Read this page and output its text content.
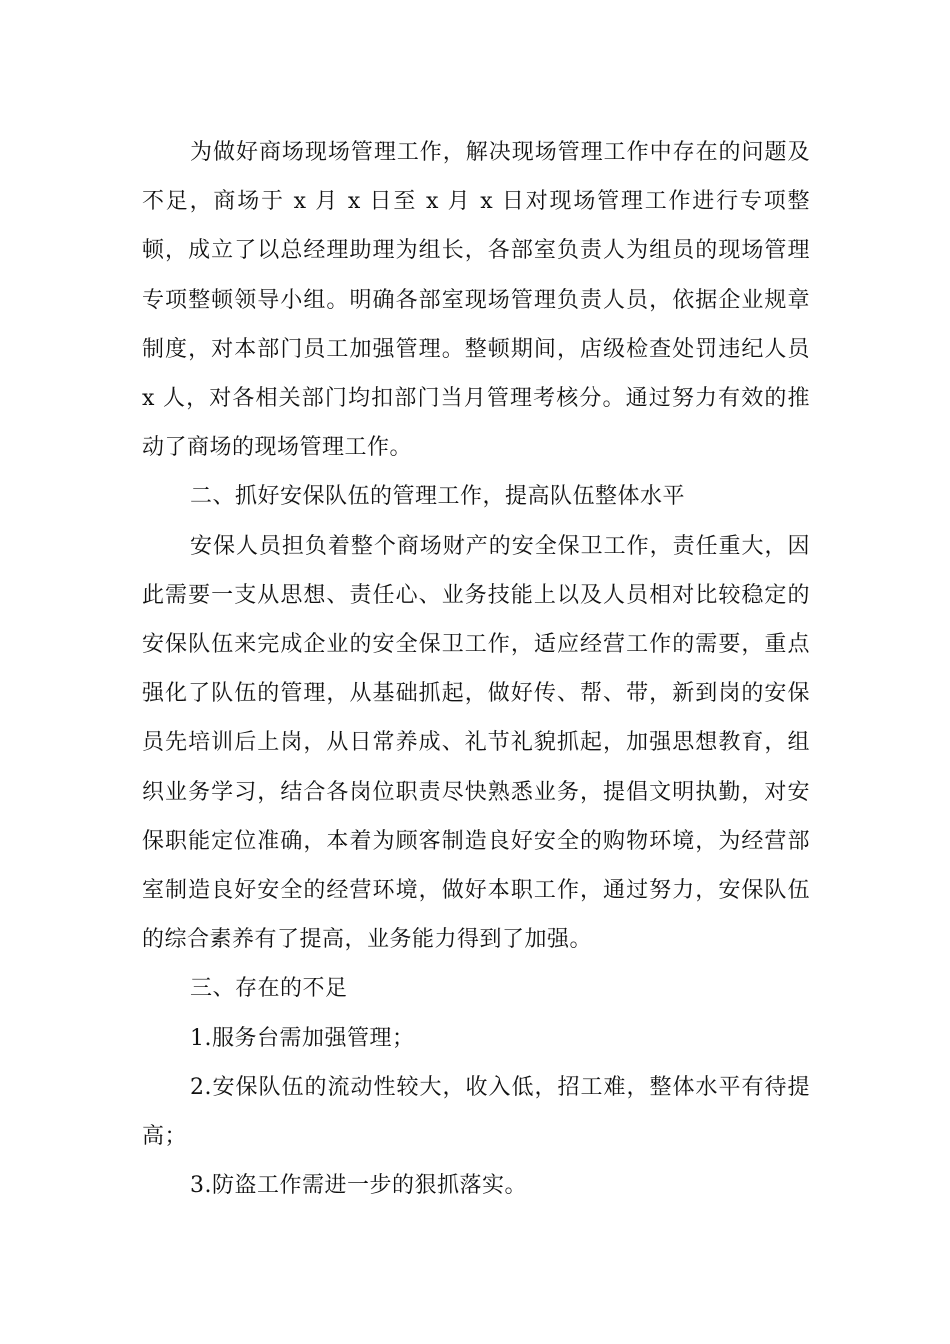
为做好商场现场管理工作，解决现场管理工作中存在的问题及不足，商场于 x 月 x 日至 x 月 x 日对现场管理工作进行专项整顿，成立了以总经理助理为组长，各部室负责人为组员的现场管理专项整顿领导小组。明确各部室现场管理负责人员，依据企业规章制度，对本部门员工加强管理。整顿期间，店级检查处罚违纪人员 x 人，对各相关部门均扣部门当月管理考核分。通过努力有效的推动了商场的现场管理工作。

二、抓好安保队伍的管理工作，提高队伍整体水平

安保人员担负着整个商场财产的安全保卫工作，责任重大，因此需要一支从思想、责任心、业务技能上以及人员相对比较稳定的安保队伍来完成企业的安全保卫工作，适应经营工作的需要，重点强化了队伍的管理，从基础抓起，做好传、帮、带，新到岗的安保员先培训后上岗，从日常养成、礼节礼貌抓起，加强思想教育，组织业务学习，结合各岗位职责尽快熟悉业务，提倡文明执勤，对安保职能定位准确，本着为顾客制造良好安全的购物环境，为经营部室制造良好安全的经营环境，做好本职工作，通过努力，安保队伍的综合素养有了提高，业务能力得到了加强。

三、存在的不足

1.服务台需加强管理；

2.安保队伍的流动性较大，收入低，招工难，整体水平有待提高；

3.防盗工作需进一步的狠抓落实。
